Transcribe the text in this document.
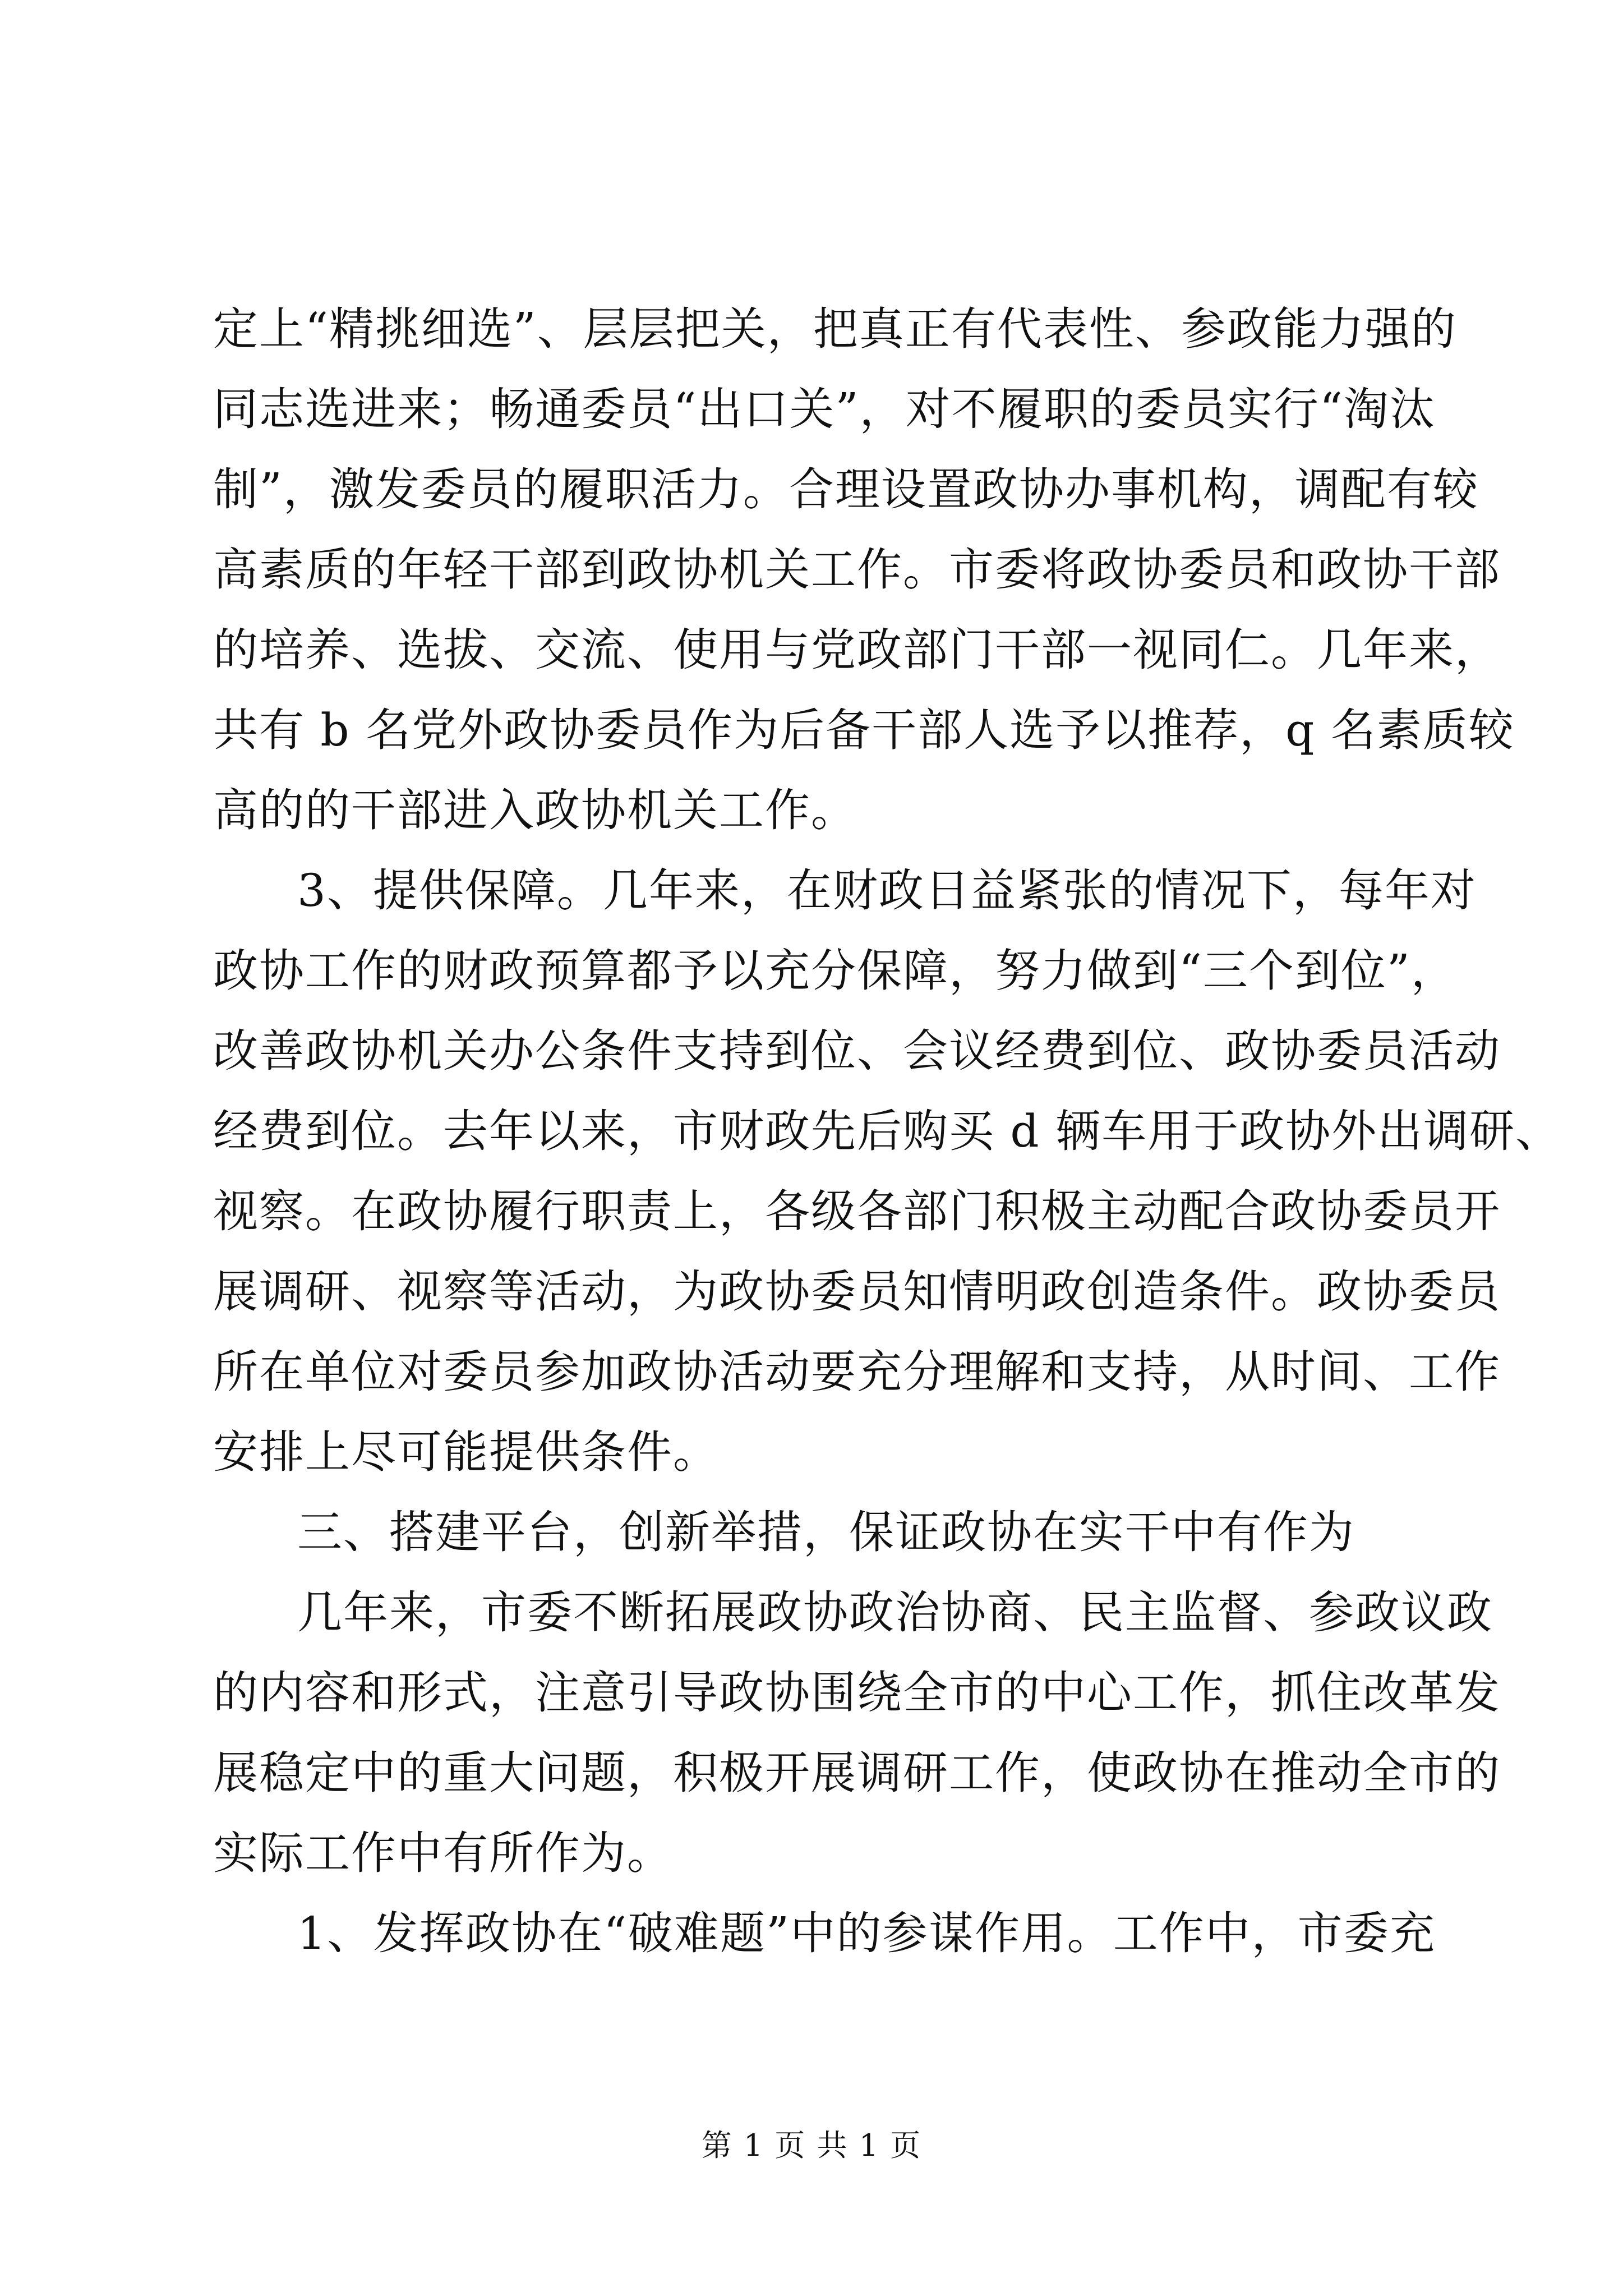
定上“精挑细选”、层层把关，把真正有代表性、参政能力强的
同志选进来；畅通委员“出口关”，对不履职的委员实行“淘汰
制”，激发委员的履职活力。合理设置政协办事机构，调配有较
高素质的年轻干部到政协机关工作。市委将政协委员和政协干部
的培养、选拔、交流、使用与党政部门干部一视同仁。几年来，
共有 b 名党外政协委员作为后备干部人选予以推荐，q 名素质较
高的的干部进入政协机关工作。
3、提供保障。几年来，在财政日益紧张的情况下，每年对
政协工作的财政预算都予以充分保障，努力做到“三个到位”，
改善政协机关办公条件支持到位、会议经费到位、政协委员活动
经费到位。去年以来，市财政先后购买 d 辆车用于政协外出调研、
视察。在政协履行职责上，各级各部门积极主动配合政协委员开
展调研、视察等活动，为政协委员知情明政创造条件。政协委员
所在单位对委员参加政协活动要充分理解和支持，从时间、工作
安排上尽可能提供条件。
三、搭建平台，创新举措，保证政协在实干中有作为
几年来，市委不断拓展政协政治协商、民主监督、参政议政
的内容和形式，注意引导政协围绕全市的中心工作，抓住改革发
展稳定中的重大问题，积极开展调研工作，使政协在推动全市的
实际工作中有所作为。
1、发挥政协在“破难题”中的参谋作用。工作中，市委充
第 1 页 共 1 页
